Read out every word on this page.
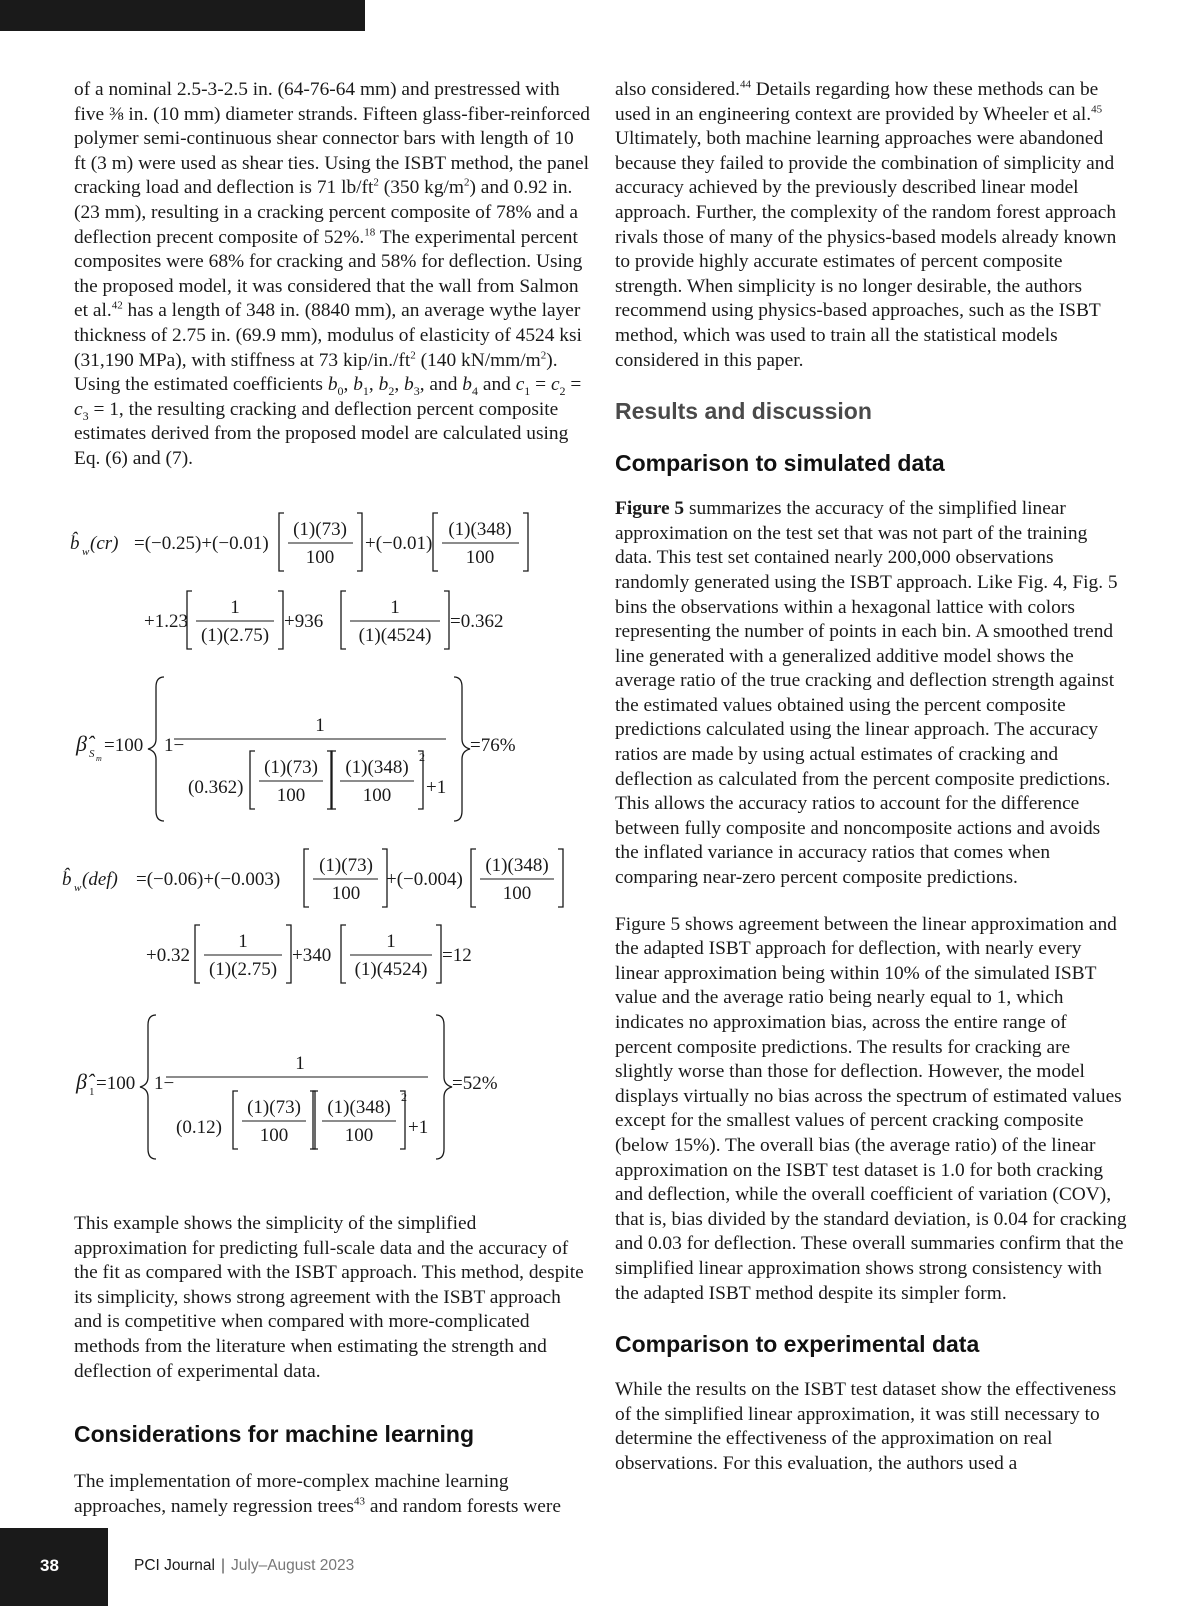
of a nominal 2.5-3-2.5 in. (64-76-64 mm) and prestressed with five ⅜ in. (10 mm) diameter strands. Fifteen glass-fiber-reinforced polymer semi-continuous shear connector bars with length of 10 ft (3 m) were used as shear ties. Using the ISBT method, the panel cracking load and deflection is 71 $lb/ft^2$ (350 $kg/m^2$) and 0.92 in. (23 mm), resulting in a cracking percent composite of 78% and a deflection precent composite of 52%.$^{18}$ The experimental percent composites were 68% for cracking and 58% for deflection. Using the proposed model, it was considered that the wall from Salmon et al.$^{42}$ has a length of 348 in. (8840 mm), an average wythe layer thickness of 2.75 in. (69.9 mm), modulus of elasticity of 4524 ksi (31,190 MPa), with stiffness at 73 kip/$in./ft^2$ (140 $kN/mm/m^2$). Using the estimated coefficients $b_0$, $b_1$, $b_2$, $b_3$, and $b_4$ and $c_1 = c_2 = c_3 = 1$, the resulting cracking and deflection percent composite estimates derived from the proposed model are calculated using Eq. (6) and (7).

b̂ w (cr) =(−0.25)+(−0.01)
(1)(73)
100
+(−0.01)
(1)(348)
100
+1.23
1
(1)(2.75)
+936
1
(1)(4524)
=0.362
β̂ S m
=100 1−
1
(0.362)
(1)(73)
100
(1)(348)
100
2
+1
=76%
b̂ w (def) =(−0.06)+(−0.003)
(1)(73)
100
+(−0.004)
(1)(348)
100
+0.32
1
(1)(2.75)
+340
1
(1)(4524)
=12
β̂ 1 =100 1−
1
(0.12)
(1)(73)
100
(1)(348)
100
2
+1
=52%

This example shows the simplicity of the simplified approximation for predicting full-scale data and the accuracy of the fit as compared with the ISBT approach. This method, despite its simplicity, shows strong agreement with the ISBT approach and is competitive when compared with more-complicated methods from the literature when estimating the strength and deflection of experimental data.

Considerations for machine learning

The implementation of more-complex machine learning approaches, namely regression trees$^{43}$ and random forests were

also considered.$^{44}$ Details regarding how these methods can be used in an engineering context are provided by Wheeler et al.$^{45}$ Ultimately, both machine learning approaches were abandoned because they failed to provide the combination of simplicity and accuracy achieved by the previously described linear model approach. Further, the complexity of the random forest approach rivals those of many of the physics-based models already known to provide highly accurate estimates of percent composite strength. When simplicity is no longer desirable, the authors recommend using physics-based approaches, such as the ISBT method, which was used to train all the statistical models considered in this paper.

Results and discussion
Comparison to simulated data

Figure 5 summarizes the accuracy of the simplified linear approximation on the test set that was not part of the training data. This test set contained nearly 200,000 observations randomly generated using the ISBT approach. Like Fig. 4, Fig. 5 bins the observations within a hexagonal lattice with colors representing the number of points in each bin. A smoothed trend line generated with a generalized additive model shows the average ratio of the true cracking and deflection strength against the estimated values obtained using the percent composite predictions calculated using the linear approach. The accuracy ratios are made by using actual estimates of cracking and deflection as calculated from the percent composite predictions. This allows the accuracy ratios to account for the difference between fully composite and noncomposite actions and avoids the inflated variance in accuracy ratios that comes when comparing near-zero percent composite predictions.

Figure 5 shows agreement between the linear approximation and the adapted ISBT approach for deflection, with nearly every linear approximation being within 10% of the simulated ISBT value and the average ratio being nearly equal to 1, which indicates no approximation bias, across the entire range of percent composite predictions. The results for cracking are slightly worse than those for deflection. However, the model displays virtually no bias across the spectrum of estimated values except for the smallest values of percent cracking composite (below 15%). The overall bias (the average ratio) of the linear approximation on the ISBT test dataset is 1.0 for both cracking and deflection, while the overall coefficient of variation (COV), that is, bias divided by the standard deviation, is 0.04 for cracking and 0.03 for deflection. These overall summaries confirm that the simplified linear approximation shows strong consistency with the adapted ISBT method despite its simpler form.

Comparison to experimental data

While the results on the ISBT test dataset show the effectiveness of the simplified linear approximation, it was still necessary to determine the effectiveness of the approximation on real observations. For this evaluation, the authors used a

38	PCI Journal | July–August 2023
